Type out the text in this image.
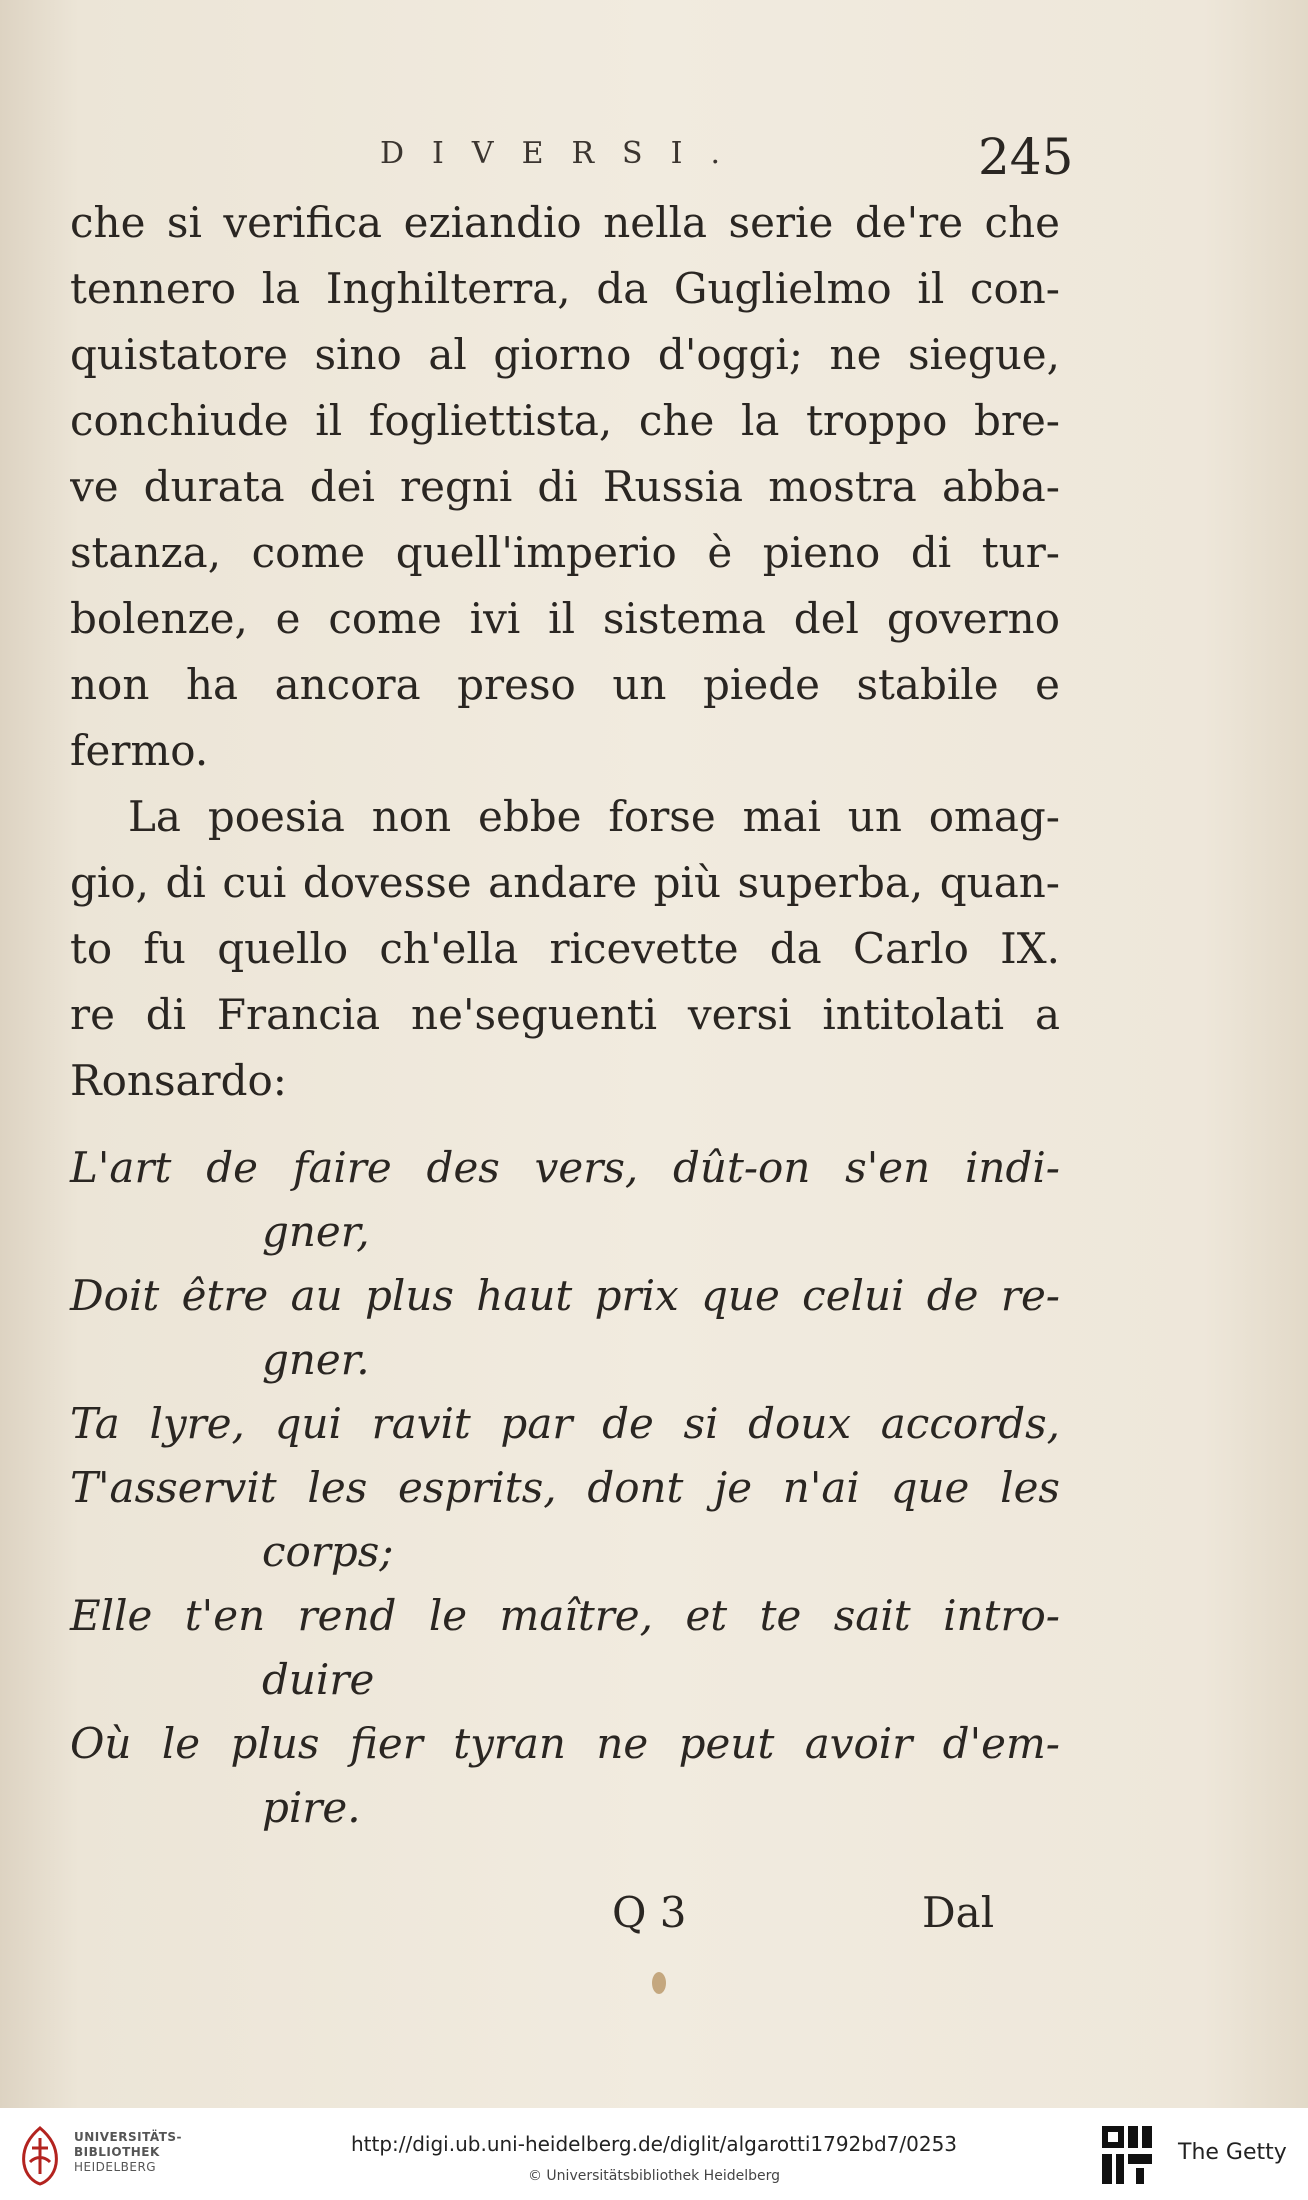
DIVERSI.	245
che si verifica eziandio nella serie de're che
tennero la Inghilterra, da Guglielmo il con-
quistatore sino al giorno d'oggi; ne siegue,
conchiude il fogliettista, che la troppo bre-
ve durata dei regni di Russia mostra abba-
stanza, come quell'imperio è pieno di tur-
bolenze, e come ivi il sistema del governo
non ha ancora preso un piede stabile e
fermo.
La poesia non ebbe forse mai un omag-
gio, di cui dovesse andare più superba, quan-
to fu quello ch'ella ricevette da Carlo IX.
re di Francia ne'seguenti versi intitolati a
Ronsardo:
L'art de faire des vers, dût-on s'en indi-
gner,
Doit être au plus haut prix que celui de re-
gner.
Ta lyre, qui ravit par de si doux accords,
T'asservit les esprits, dont je n'ai que les
corps;
Elle t'en rend le maître, et te sait intro-
duire
Où le plus fier tyran ne peut avoir d'em-
pire.
Q 3	Dal
UNIVERSITÄTS-
BIBLIOTHEK
HEIDELBERG
http://digi.ub.uni-heidelberg.de/diglit/algarotti1792bd7/0253
© Universitätsbibliothek Heidelberg
The Getty
